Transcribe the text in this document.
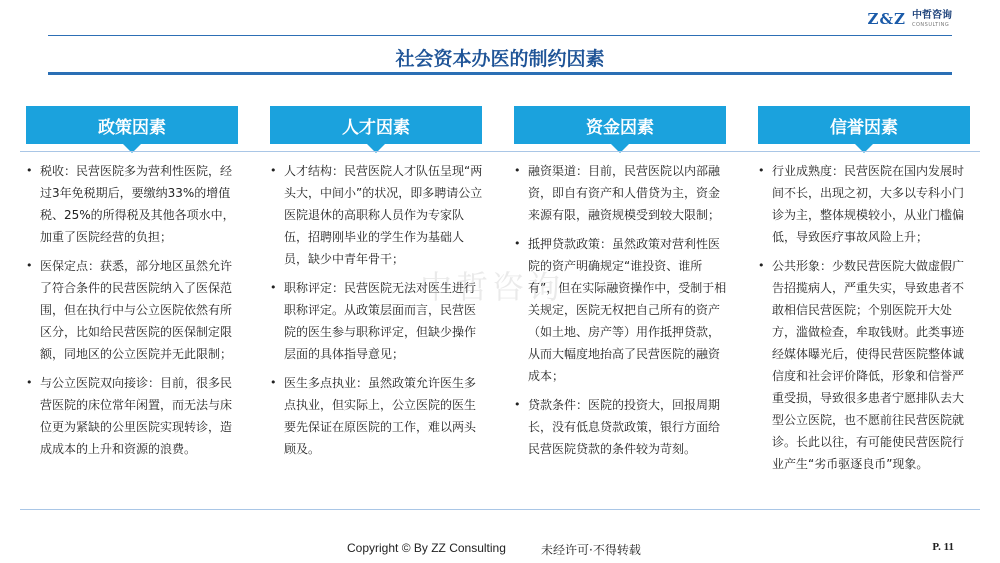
Z&Z 中哲咨询
CONSULTING
社会资本办医的制约因素
政策因素	人才因素	资金因素	信誉因素
• 税收：民营医院多为营利性医院，经过3年免税期后，要缴纳33%的增值税、25%的所得税及其他各项水中，加重了医院经营的负担；
• 医保定点：获悉，部分地区虽然允许了符合条件的民营医院纳入了医保范围，但在执行中与公立医院依然有所区分，比如给民营医院的医保制定限额，同地区的公立医院并无此限制；
• 与公立医院双向接诊：目前，很多民营医院的床位常年闲置，而无法与床位更为紧缺的公里医院实现转诊，造成成本的上升和资源的浪费。
• 人才结构：民营医院人才队伍呈现“两头大，中间小”的状况，即多聘请公立医院退休的高职称人员作为专家队伍，招聘刚毕业的学生作为基础人员，缺少中青年骨干；
• 职称评定：民营医院无法对医生进行职称评定。从政策层面而言，民营医院的医生参与职称评定，但缺少操作层面的具体指导意见；
• 医生多点执业：虽然政策允许医生多点执业，但实际上，公立医院的医生要先保证在原医院的工作，难以两头顾及。
• 融资渠道：目前，民营医院以内部融资，即自有资产和人借贷为主，资金来源有限，融资规模受到较大限制；
• 抵押贷款政策：虽然政策对营利性医院的资产明确规定“谁投资、谁所有”，但在实际融资操作中，受制于相关规定，医院无权把自己所有的资产（如土地、房产等）用作抵押贷款，从而大幅度地抬高了民营医院的融资成本；
• 贷款条件：医院的投资大，回报周期长，没有低息贷款政策，银行方面给民营医院贷款的条件较为苛刻。
• 行业成熟度：民营医院在国内发展时间不长，出现之初，大多以专科小门诊为主，整体规模较小，从业门槛偏低，导致医疗事故风险上升；
• 公共形象：少数民营医院大做虚假广告招揽病人，严重失实，导致患者不敢相信民营医院；个别医院开大处方，滥做检查，牟取钱财。此类事迹经媒体曝光后，使得民营医院整体诚信度和社会评价降低，形象和信誉严重受损，导致很多患者宁愿排队去大型公立医院，也不愿前往民营医院就诊。长此以往，有可能使民营医院行业产生“劣币驱逐良币”现象。
中哲咨询
Copyright © By ZZ Consulting	未经许可·不得转载	P. 11
